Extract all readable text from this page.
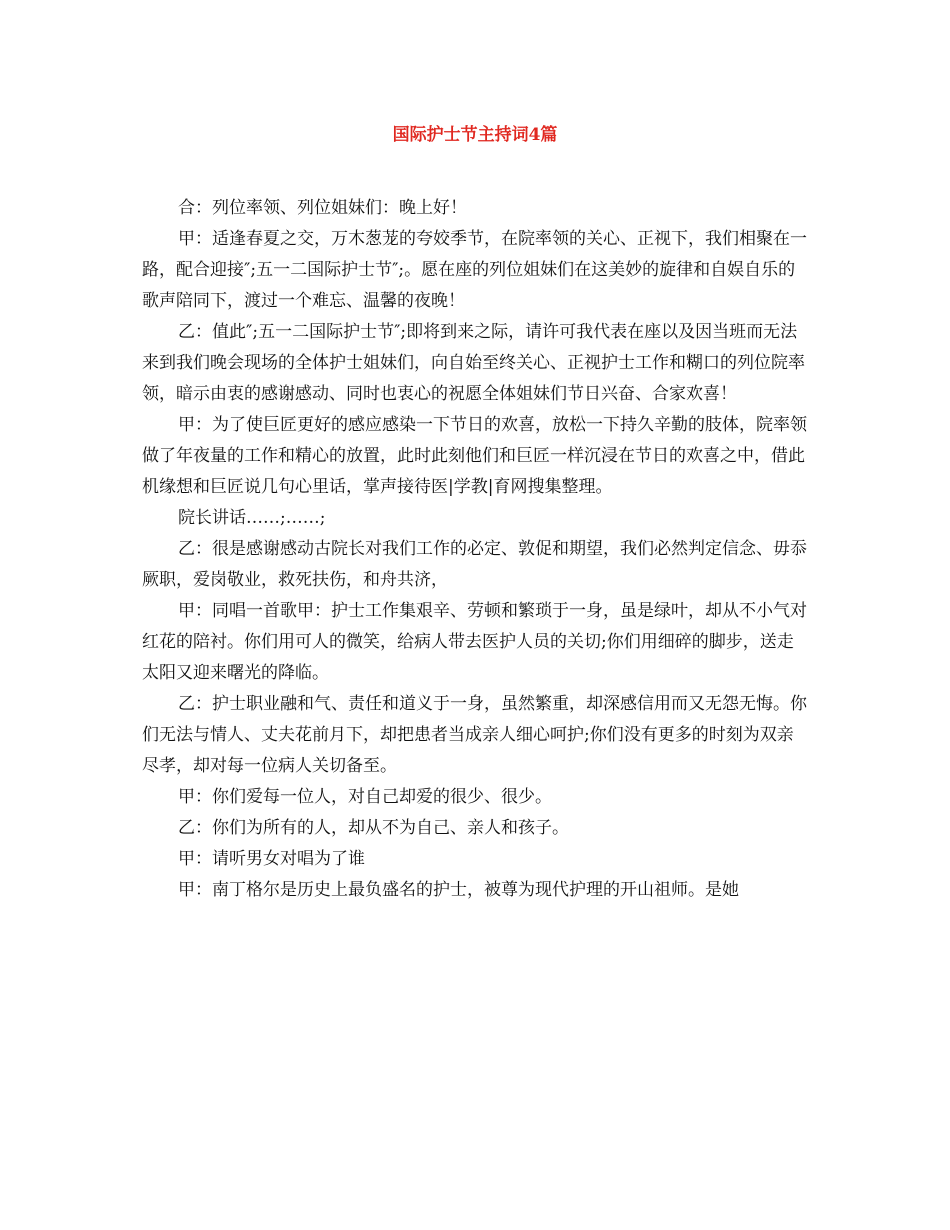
国际护士节主持词4篇

合：列位率领、列位姐妹们：晚上好！

甲：适逢春夏之交，万木葱茏的夸姣季节，在院率领的关心、正视下，我们相聚在一路，配合迎接″;五一二国际护士节″;。愿在座的列位姐妹们在这美妙的旋律和自娱自乐的歌声陪同下，渡过一个难忘、温馨的夜晚！

乙：值此″;五一二国际护士节″;即将到来之际，请许可我代表在座以及因当班而无法来到我们晚会现场的全体护士姐妹们，向自始至终关心、正视护士工作和糊口的列位院率领，暗示由衷的感谢感动、同时也衷心的祝愿全体姐妹们节日兴奋、合家欢喜！

甲：为了使巨匠更好的感应感染一下节日的欢喜，放松一下持久辛勤的肢体，院率领做了年夜量的工作和精心的放置，此时此刻他们和巨匠一样沉浸在节日的欢喜之中，借此机缘想和巨匠说几句心里话，掌声接待医|学教|育网搜集整理。

院长讲话……;……;

乙：很是感谢感动古院长对我们工作的必定、敦促和期望，我们必然判定信念、毋忝厥职，爱岗敬业，救死扶伤，和舟共济，

甲：同唱一首歌甲：护士工作集艰辛、劳顿和繁琐于一身，虽是绿叶，却从不小气对红花的陪衬。你们用可人的微笑，给病人带去医护人员的关切;你们用细碎的脚步，送走太阳又迎来曙光的降临。

乙：护士职业融和气、责任和道义于一身，虽然繁重，却深感信用而又无怨无悔。你们无法与情人、丈夫花前月下，却把患者当成亲人细心呵护;你们没有更多的时刻为双亲尽孝，却对每一位病人关切备至。

甲：你们爱每一位人，对自己却爱的很少、很少。

乙：你们为所有的人，却从不为自己、亲人和孩子。

甲：请听男女对唱为了谁

甲：南丁格尔是历史上最负盛名的护士，被尊为现代护理的开山祖师。是她
